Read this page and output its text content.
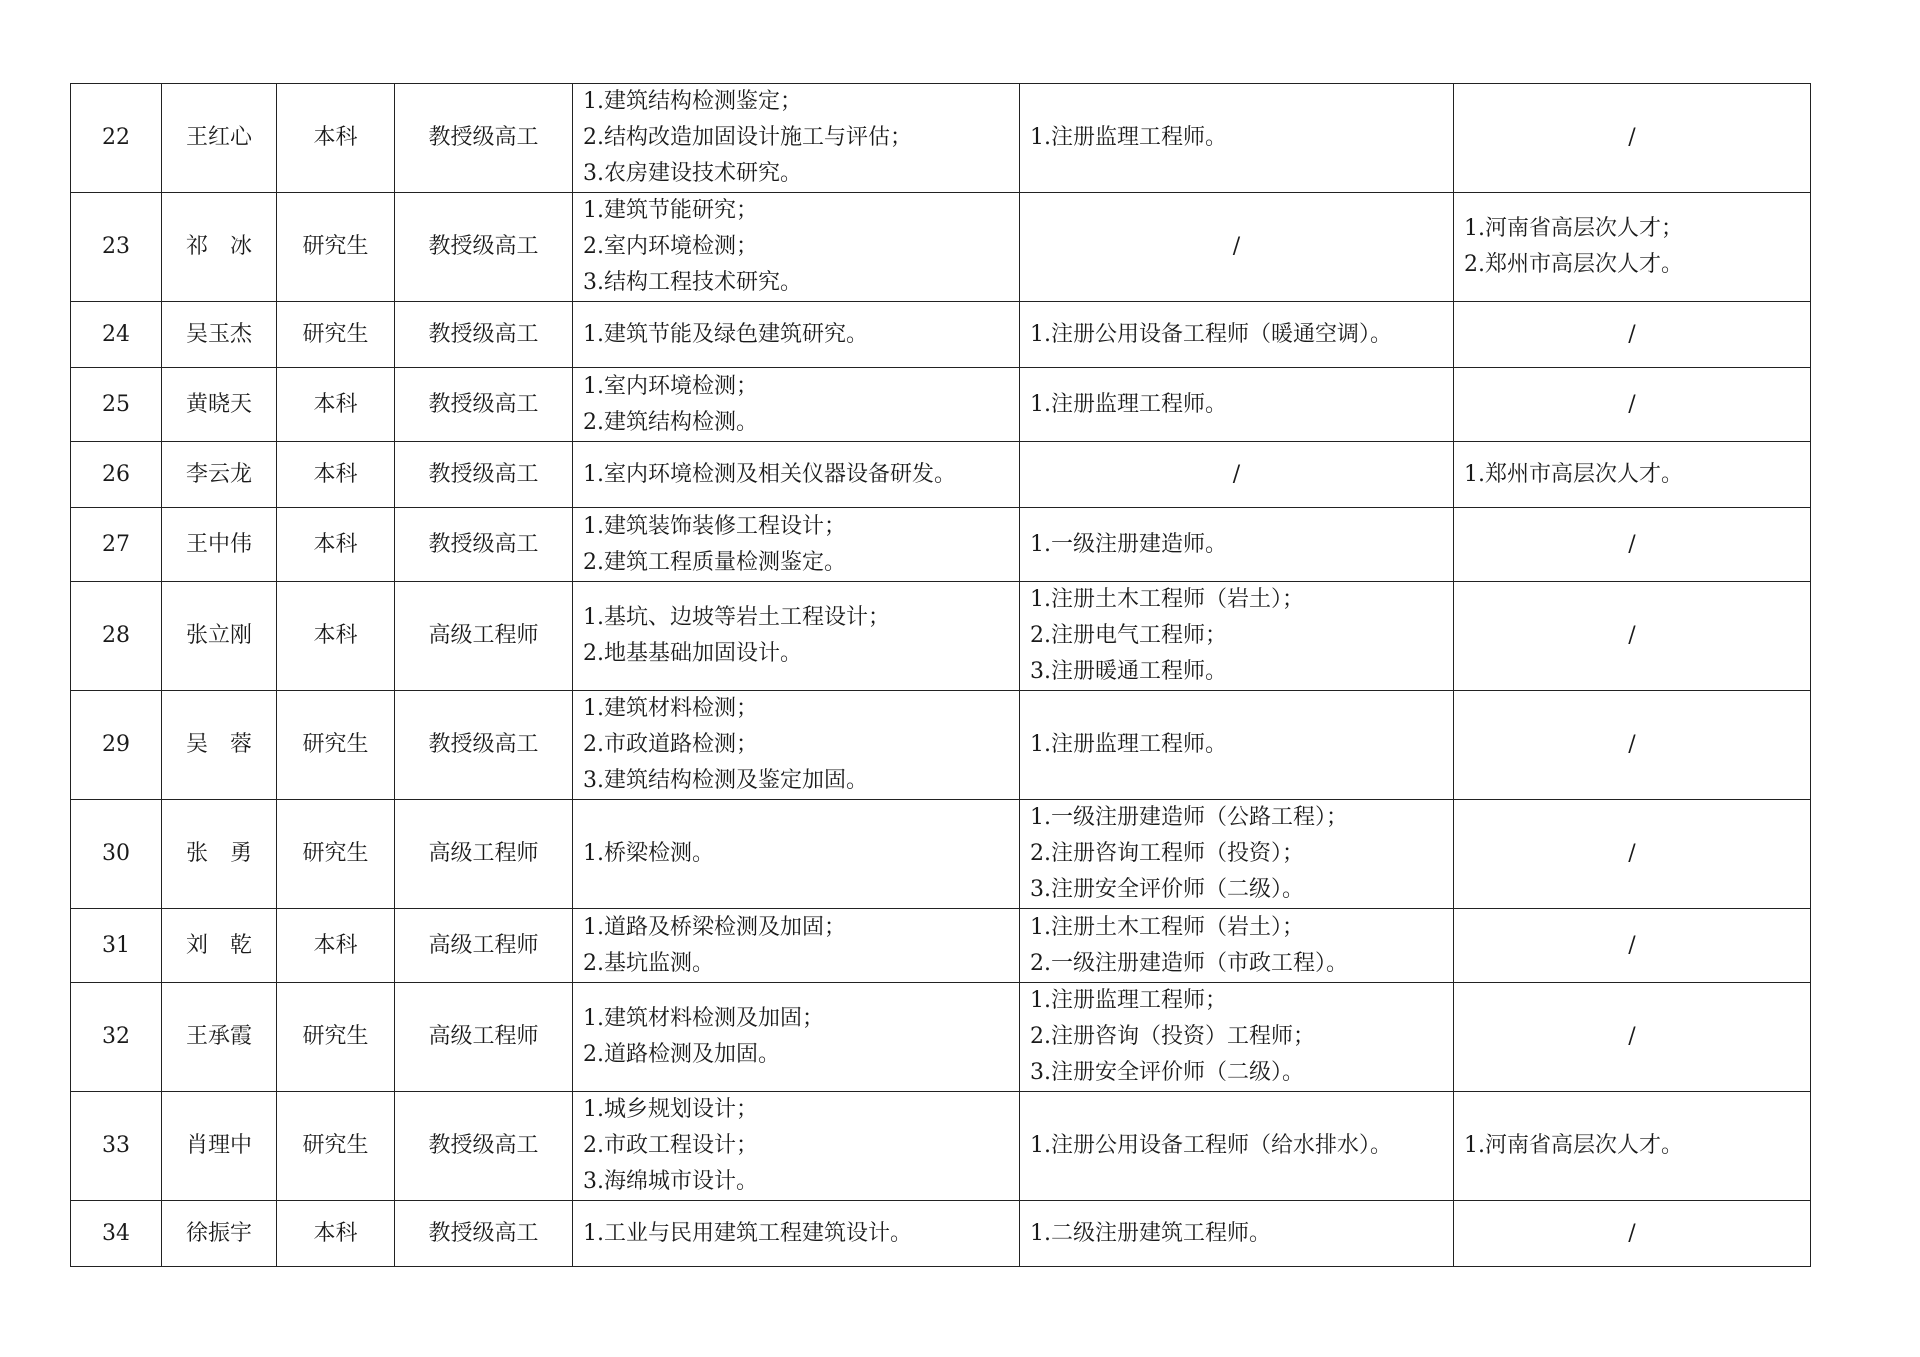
22	王红心	本科	教授级高工	1.建筑结构检测鉴定；
2.结构改造加固设计施工与评估；
3.农房建设技术研究。	1.注册监理工程师。	/

23	祁　冰	研究生	教授级高工	1.建筑节能研究；
2.室内环境检测；
3.结构工程技术研究。	/	1.河南省高层次人才；
2.郑州市高层次人才。

24	吴玉杰	研究生	教授级高工	1.建筑节能及绿色建筑研究。	1.注册公用设备工程师（暖通空调）。	/

25	黄晓天	本科	教授级高工	1.室内环境检测；
2.建筑结构检测。	1.注册监理工程师。	/

26	李云龙	本科	教授级高工	1.室内环境检测及相关仪器设备研发。	/	1.郑州市高层次人才。

27	王中伟	本科	教授级高工	1.建筑装饰装修工程设计；
2.建筑工程质量检测鉴定。	1.一级注册建造师。	/

28	张立刚	本科	高级工程师	1.基坑、边坡等岩土工程设计；
2.地基基础加固设计。	1.注册土木工程师（岩土）；
2.注册电气工程师；
3.注册暖通工程师。	/

29	吴　蓉	研究生	教授级高工	1.建筑材料检测；
2.市政道路检测；
3.建筑结构检测及鉴定加固。	1.注册监理工程师。	/

30	张　勇	研究生	高级工程师	1.桥梁检测。	1.一级注册建造师（公路工程）；
2.注册咨询工程师（投资）；
3.注册安全评价师（二级）。	/

31	刘　乾	本科	高级工程师	1.道路及桥梁检测及加固；
2.基坑监测。	1.注册土木工程师（岩土）；
2.一级注册建造师（市政工程）。	/

32	王承霞	研究生	高级工程师	1.建筑材料检测及加固；
2.道路检测及加固。	1.注册监理工程师；
2.注册咨询（投资）工程师；
3.注册安全评价师（二级）。	/

33	肖理中	研究生	教授级高工	1.城乡规划设计；
2.市政工程设计；
3.海绵城市设计。	1.注册公用设备工程师（给水排水）。	1.河南省高层次人才。

34	徐振宇	本科	教授级高工	1.工业与民用建筑工程建筑设计。	1.二级注册建筑工程师。	/
